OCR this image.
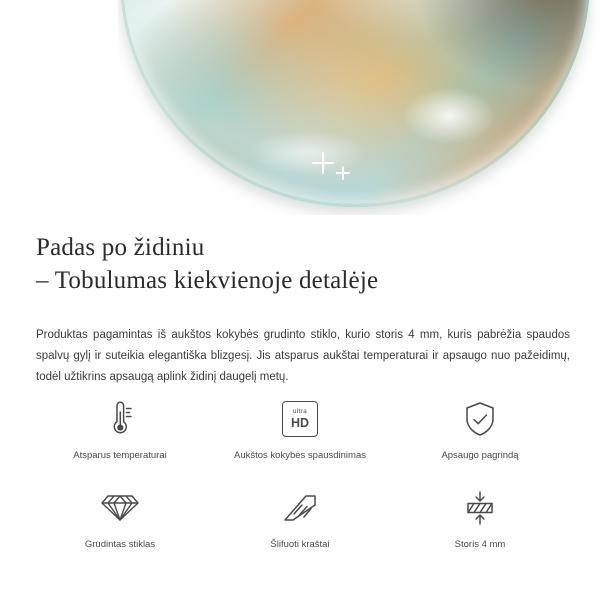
Padas po židiniu
– Tobulumas kiekvienoje detalėje

Produktas pagamintas iš aukštos kokybės grudinto stiklo, kurio storis 4 mm, kuris pabrėžia spaudos spalvų gylį ir suteikia elegantiška blizgesį. Jis atsparus aukštai temperaturai ir apsaugo nuo pažeidimų, todėl užtikrins apsaugą aplink židinį daugelį metų.

Atsparus temperaturai
ultra
HD
Aukštos kokybės spausdinimas	Apsaugo pagrindą
Grudintas stiklas	Šlifuoti kraštai	Storis 4 mm
